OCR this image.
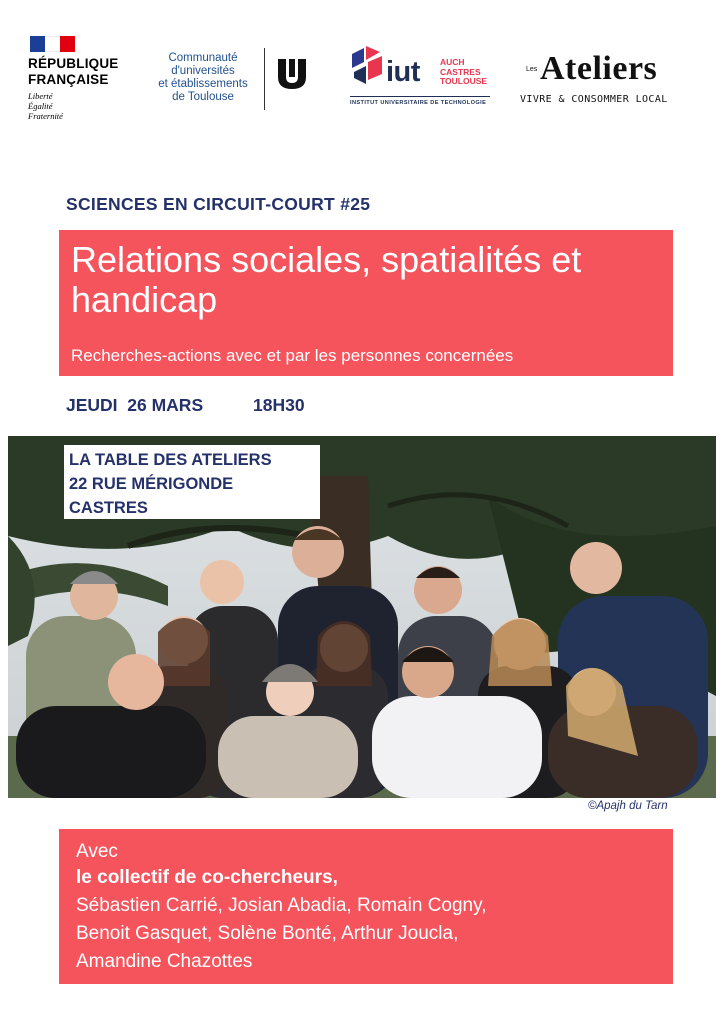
RÉPUBLIQUE
FRANÇAISE
Liberté
Égalité
Fraternité
Communauté
d'universités
et établissements
de Toulouse
iut AUCH
CASTRES
TOULOUSE
INSTITUT UNIVERSITAIRE DE TECHNOLOGIE
Les Ateliers
VIVRE & CONSOMMER LOCAL
SCIENCES EN CIRCUIT-COURT #25
Relations sociales, spatialités et handicap
Recherches-actions avec et par les personnes concernées
JEUDI  26 MARS	18H30
LA TABLE DES ATELIERS
22 RUE MÉRIGONDE
CASTRES
©Apajh du Tarn
Avec
le collectif de co-chercheurs,
Sébastien Carrié, Josian Abadia, Romain Cogny,
Benoit Gasquet, Solène Bonté, Arthur Joucla,
Amandine Chazottes
